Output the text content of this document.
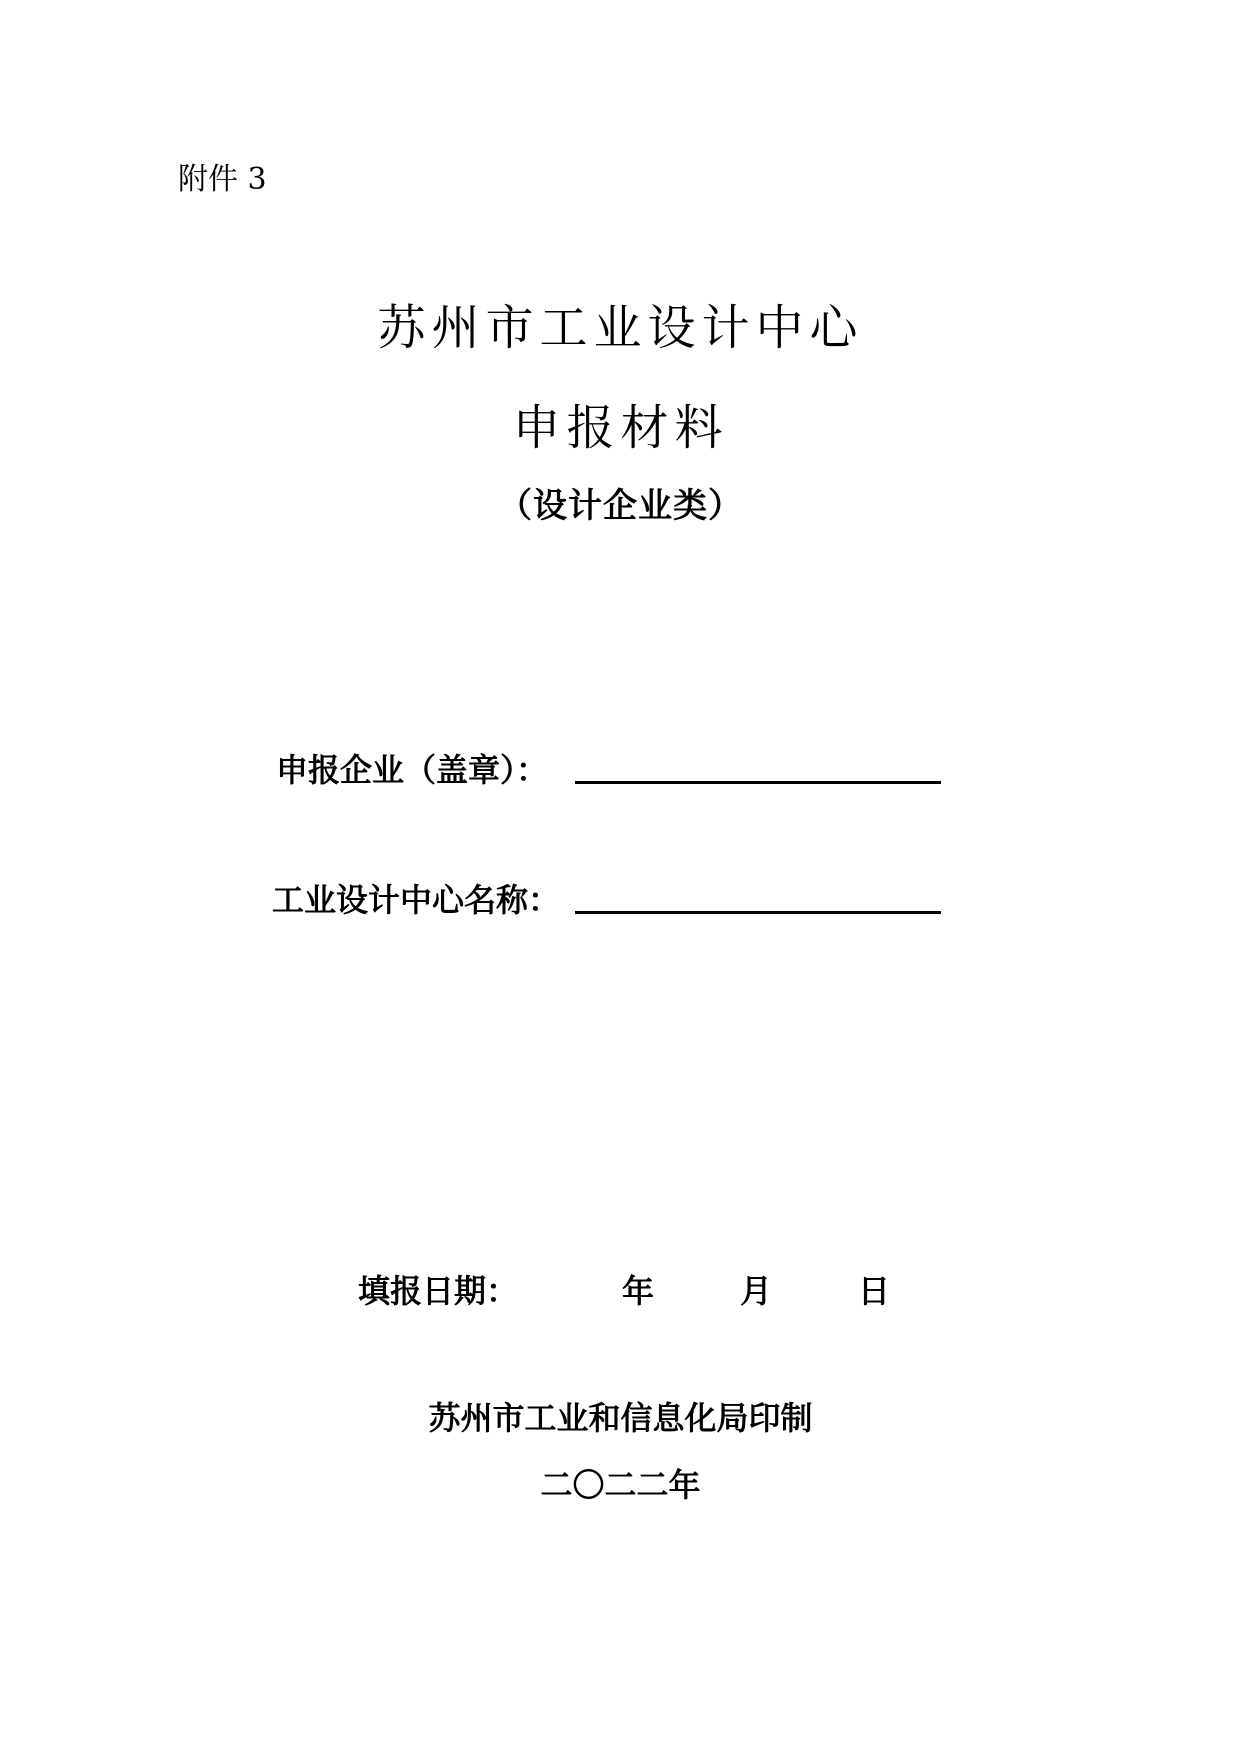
附件 3
苏州市工业设计中心
申报材料
（设计企业类）
申报企业（盖章）：
工业设计中心名称：
填报日期：	年	月	日
苏州市工业和信息化局印制
二〇二二年
